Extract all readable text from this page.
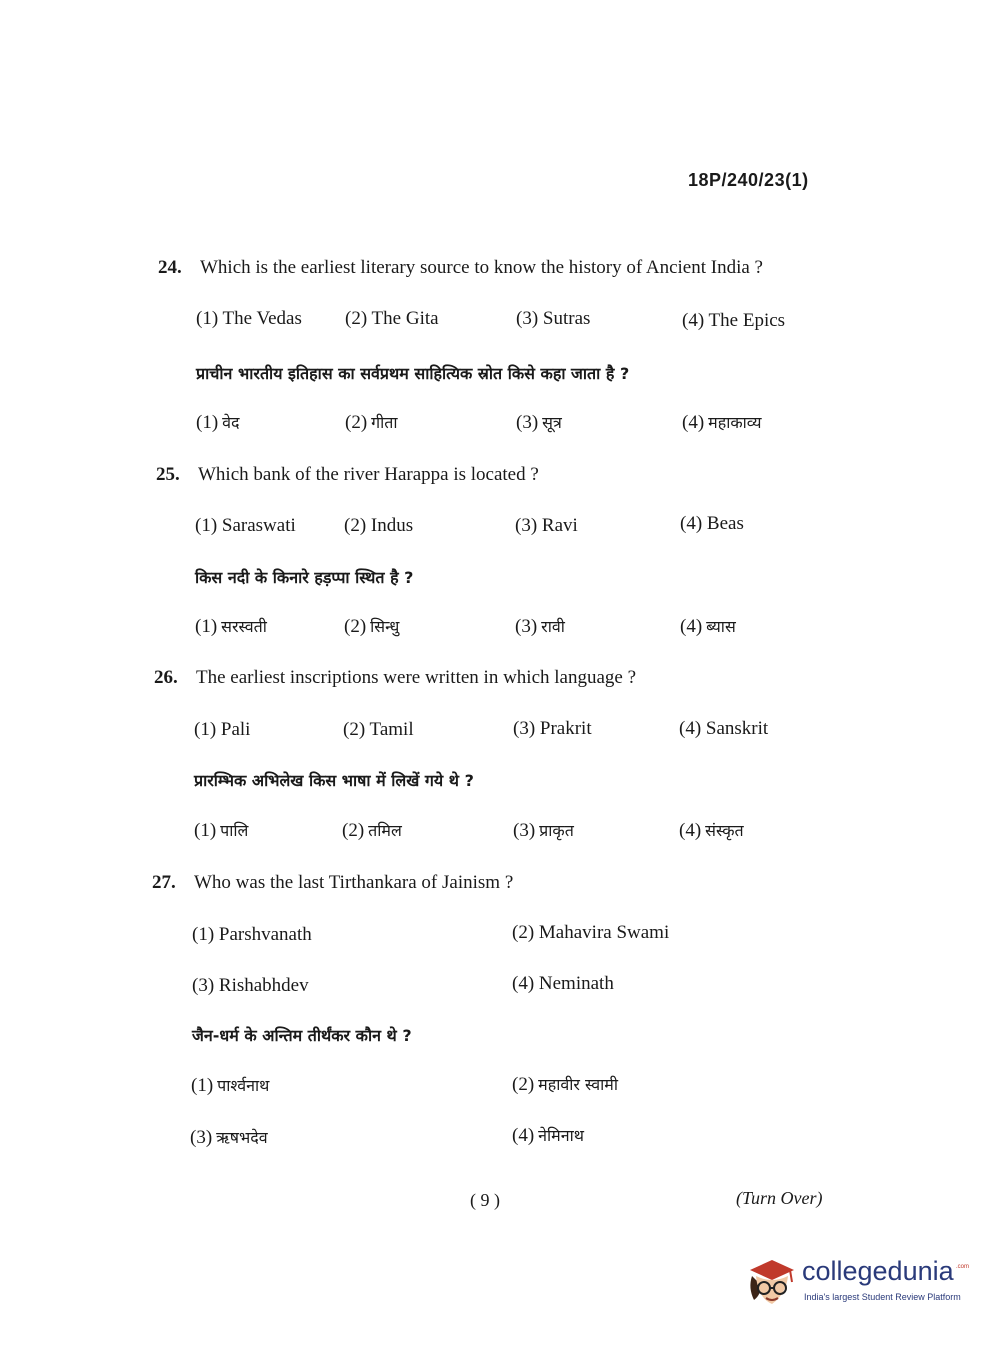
18P/240/23(1)
24. Which is the earliest literary source to know the history of Ancient India ?
(1) The Vedas (2) The Gita	(3) Sutras	(4) The Epics
प्राचीन भारतीय इतिहास का सर्वप्रथम साहित्यिक स्रोत किसे कहा जाता है ?
(1) वेद	(2) गीता	(3) सूत्र	(4) महाकाव्य
25. Which bank of the river Harappa is located ?
(1) Saraswati	(2) Indus	(3) Ravi	(4) Beas
किस नदी के किनारे हड़प्पा स्थित है ?
(1) सरस्वती	(2) सिन्धु	(3) रावी	(4) ब्यास
26. The earliest inscriptions were written in which language ?
(1) Pali	(2) Tamil	(3) Prakrit	(4) Sanskrit
प्रारम्भिक अभिलेख किस भाषा में लिखें गये थे ?
(1) पालि	(2) तमिल	(3) प्राकृत	(4) संस्कृत
27. Who was the last Tirthankara of Jainism ?
(1) Parshvanath	(2) Mahavira Swami
(3) Rishabhdev	(4) Neminath
जैन-धर्म के अन्तिम तीर्थंकर कौन थे ?
(1) पार्श्वनाथ	(2) महावीर स्वामी
(3) ऋषभदेव	(4) नेमिनाथ
( 9 )	(Turn Over)
collegedunia .com
India's largest Student Review Platform
